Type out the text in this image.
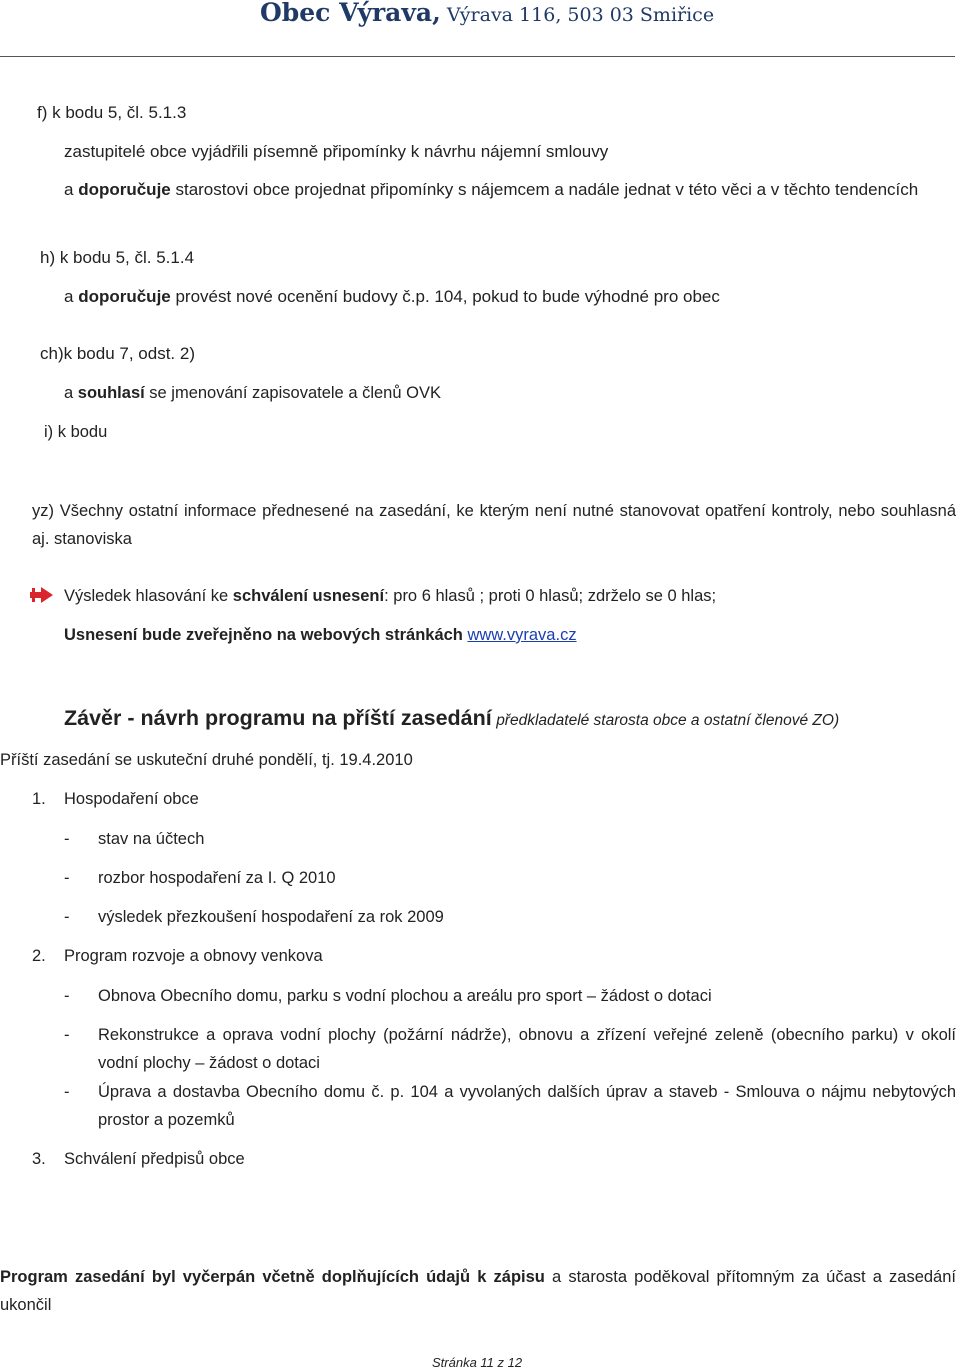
Obec Výrava, Výrava 116, 503 03 Smiřice
f) k bodu 5, čl. 5.1.3
zastupitelé obce vyjádřili písemně připomínky k návrhu nájemní smlouvy
a doporučuje starostovi obce projednat připomínky s nájemcem a nadále jednat v této věci a v těchto tendencích
h) k bodu 5, čl. 5.1.4
a doporučuje provést nové ocenění budovy č.p. 104, pokud to bude výhodné pro obec
ch)k bodu 7, odst. 2)
a souhlasí se jmenování zapisovatele a členů OVK
i) k bodu
yz) Všechny ostatní informace přednesené na zasedání, ke kterým není nutné stanovovat opatření kontroly, nebo souhlasná aj. stanoviska
Výsledek hlasování ke schválení usnesení: pro 6 hlasů ; proti 0 hlasů; zdrželo se 0 hlas;
Usnesení bude zveřejněno na webových stránkách www.vyrava.cz
Závěr - návrh programu na příští zasedání předkladatelé starosta obce a ostatní členové ZO)
Příští zasedání se uskuteční druhé pondělí, tj. 19.4.2010
1. Hospodaření obce
- stav na účtech
- rozbor hospodaření za I. Q 2010
- výsledek přezkoušení hospodaření za rok 2009
2. Program rozvoje a obnovy venkova
- Obnova Obecního domu, parku s vodní plochou a areálu pro sport – žádost o dotaci
- Rekonstrukce a oprava vodní plochy (požární nádrže), obnovu a zřízení veřejné zeleně (obecního parku) v okolí vodní plochy – žádost o dotaci
- Úprava a dostavba Obecního domu č. p. 104 a vyvolaných dalších úprav a staveb - Smlouva o nájmu nebytových prostor a pozemků
3. Schválení předpisů obce
Program zasedání byl vyčerpán včetně doplňujících údajů k zápisu a starosta poděkoval přítomným za účast a zasedání ukončil
Stránka 11 z 12
